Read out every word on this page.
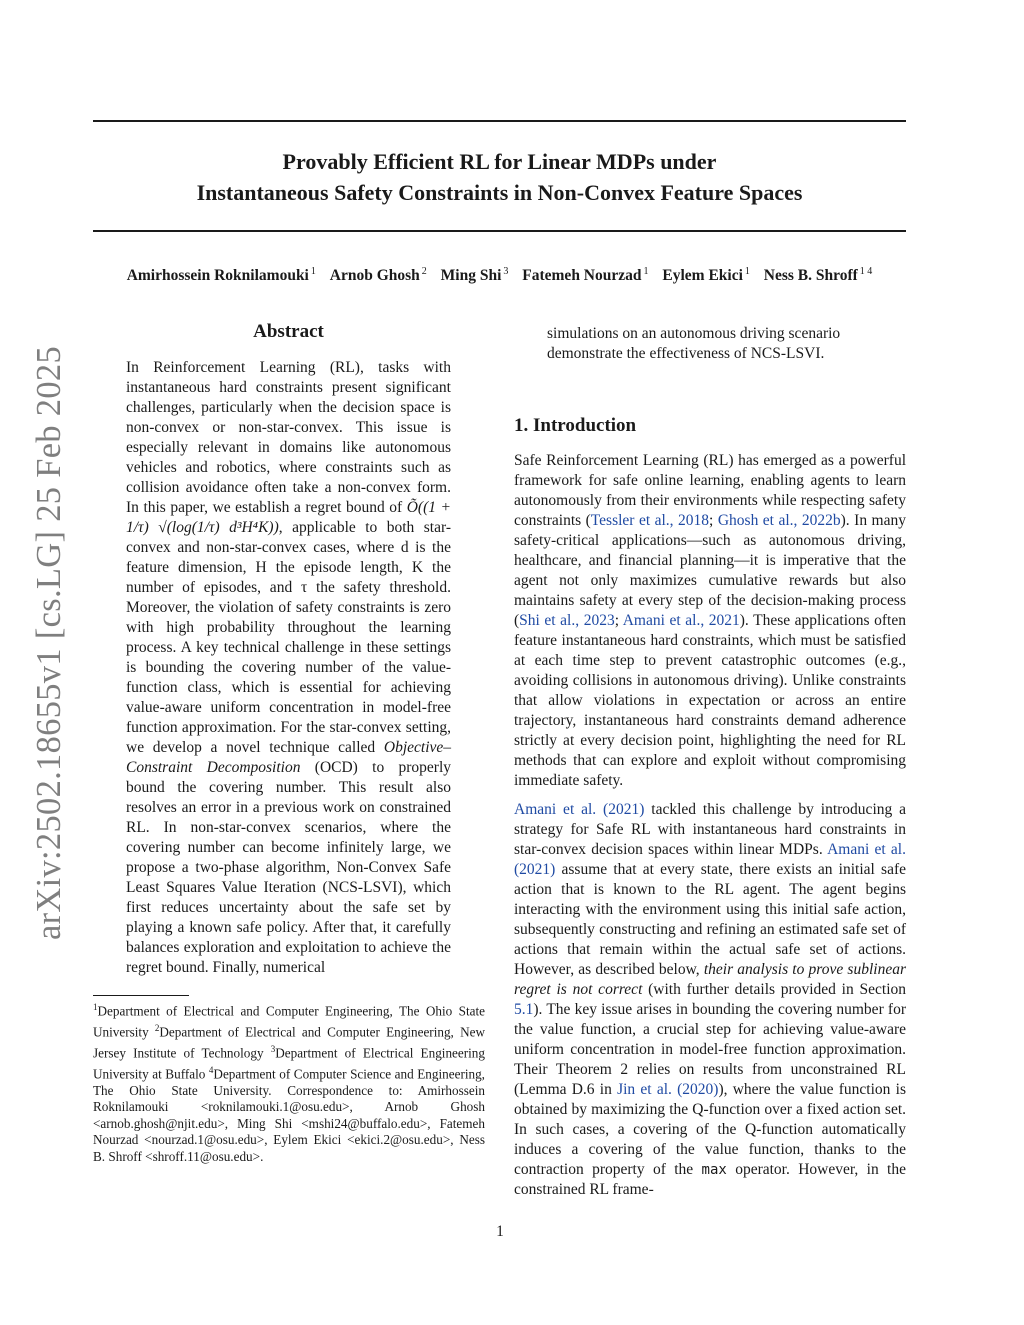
Provably Efficient RL for Linear MDPs under
Instantaneous Safety Constraints in Non-Convex Feature Spaces
Amirhossein Roknilamouki $^1$ Arnob Ghosh $^2$ Ming Shi $^3$ Fatemeh Nourzad $^1$ Eylem Ekici $^1$ Ness B. Shroff $^{1 4}$
arXiv:2502.18655v1 [cs.LG] 25 Feb 2025
Abstract
In Reinforcement Learning (RL), tasks with instantaneous hard constraints present significant challenges, particularly when the decision space is non-convex or non-star-convex. This issue is especially relevant in domains like autonomous vehicles and robotics, where constraints such as collision avoidance often take a non-convex form. In this paper, we establish a regret bound of Õ((1 + 1/τ) √(log(1/τ) d³H⁴K)), applicable to both star-convex and non-star-convex cases, where d is the feature dimension, H the episode length, K the number of episodes, and τ the safety threshold. Moreover, the violation of safety constraints is zero with high probability throughout the learning process. A key technical challenge in these settings is bounding the covering number of the value-function class, which is essential for achieving value-aware uniform concentration in model-free function approximation. For the star-convex setting, we develop a novel technique called Objective–Constraint Decomposition (OCD) to properly bound the covering number. This result also resolves an error in a previous work on constrained RL. In non-star-convex scenarios, where the covering number can become infinitely large, we propose a two-phase algorithm, Non-Convex Safe Least Squares Value Iteration (NCS-LSVI), which first reduces uncertainty about the safe set by playing a known safe policy. After that, it carefully balances exploration and exploitation to achieve the regret bound. Finally, numerical
$^1$Department of Electrical and Computer Engineering, The Ohio State University $^2$Department of Electrical and Computer Engineering, New Jersey Institute of Technology $^3$Department of Electrical Engineering University at Buffalo $^4$Department of Computer Science and Engineering, The Ohio State University. Correspondence to: Amirhossein Roknilamouki <roknilamouki.1@osu.edu>, Arnob Ghosh <arnob.ghosh@njit.edu>, Ming Shi <mshi24@buffalo.edu>, Fatemeh Nourzad <nourzad.1@osu.edu>, Eylem Ekici <ekici.2@osu.edu>, Ness B. Shroff <shroff.11@osu.edu>.
simulations on an autonomous driving scenario demonstrate the effectiveness of NCS-LSVI.
1. Introduction

Safe Reinforcement Learning (RL) has emerged as a powerful framework for safe online learning, enabling agents to learn autonomously from their environments while respecting safety constraints (Tessler et al., 2018; Ghosh et al., 2022b). In many safety-critical applications—such as autonomous driving, healthcare, and financial planning—it is imperative that the agent not only maximizes cumulative rewards but also maintains safety at every step of the decision-making process (Shi et al., 2023; Amani et al., 2021). These applications often feature instantaneous hard constraints, which must be satisfied at each time step to prevent catastrophic outcomes (e.g., avoiding collisions in autonomous driving). Unlike constraints that allow violations in expectation or across an entire trajectory, instantaneous hard constraints demand adherence strictly at every decision point, highlighting the need for RL methods that can explore and exploit without compromising immediate safety.

Amani et al. (2021) tackled this challenge by introducing a strategy for Safe RL with instantaneous hard constraints in star-convex decision spaces within linear MDPs. Amani et al. (2021) assume that at every state, there exists an initial safe action that is known to the RL agent. The agent begins interacting with the environment using this initial safe action, subsequently constructing and refining an estimated safe set of actions that remain within the actual safe set of actions. However, as described below, their analysis to prove sublinear regret is not correct (with further details provided in Section 5.1). The key issue arises in bounding the covering number for the value function, a crucial step for achieving value-aware uniform concentration in model-free function approximation. Their Theorem 2 relies on results from unconstrained RL (Lemma D.6 in Jin et al. (2020)), where the value function is obtained by maximizing the Q-function over a fixed action set. In such cases, a covering of the Q-function automatically induces a covering of the value function, thanks to the contraction property of the max operator. However, in the constrained RL frame-

1
